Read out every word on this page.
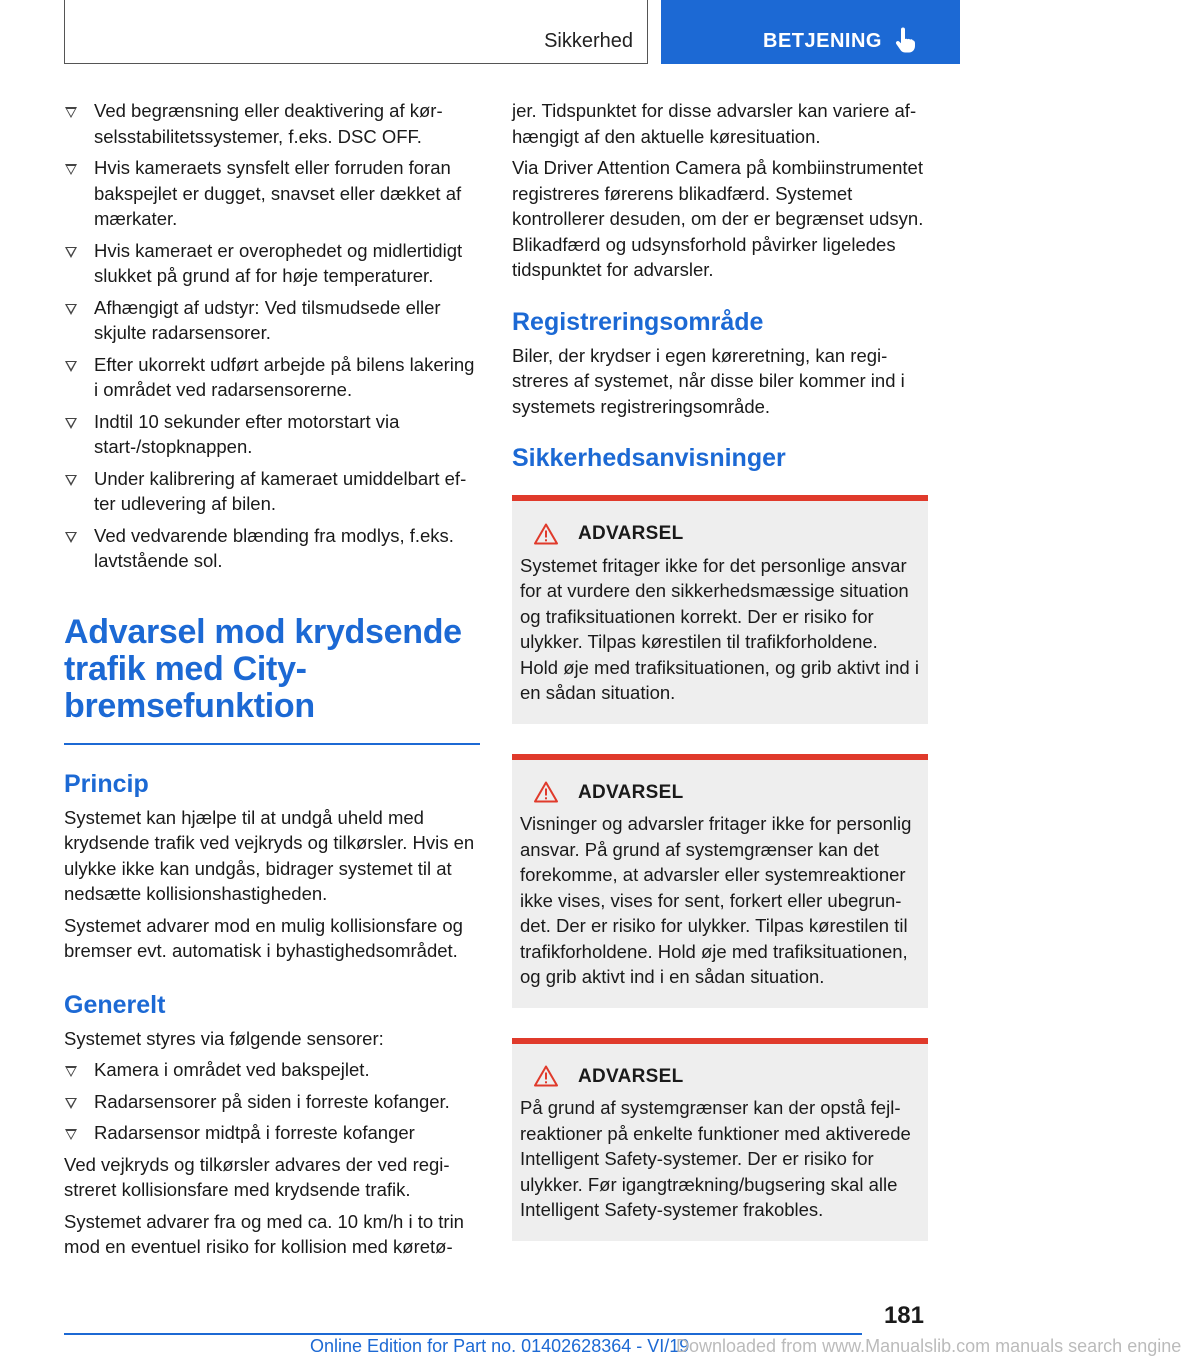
Sikkerhed	BETJENING
Ved begrænsning eller deaktivering af kørselsstabilitetssystemer, f.eks. DSC OFF.
Hvis kameraets synsfelt eller forruden foran bakspejlet er dugget, snavset eller dækket af mærkater.
Hvis kameraet er overophedet og midlertidigt slukket på grund af for høje temperaturer.
Afhængigt af udstyr: Ved tilsmudsede eller skjulte radarsensorer.
Efter ukorrekt udført arbejde på bilens lakering i området ved radarsensorerne.
Indtil 10 sekunder efter motorstart via start-/stopknappen.
Under kalibrering af kameraet umiddelbart efter udlevering af bilen.
Ved vedvarende blænding fra modlys, f.eks. lavtstående sol.
Advarsel mod krydsende trafik med City-bremsefunktion
Princip

Systemet kan hjælpe til at undgå uheld med krydsende trafik ved vejkryds og tilkørsler. Hvis en ulykke ikke kan undgås, bidrager systemet til at nedsætte kollisionshastigheden.

Systemet advarer mod en mulig kollisionsfare og bremser evt. automatisk i byhastighedsområdet.

Generelt

Systemet styres via følgende sensorer:

Kamera i området ved bakspejlet.
Radarsensorer på siden i forreste kofanger.
Radarsensor midtpå i forreste kofanger

Ved vejkryds og tilkørsler advares der ved registreret kollisionsfare med krydsende trafik.

Systemet advarer fra og med ca. 10 km/h i to trin mod en eventuel risiko for kollision med køretø-

jer. Tidspunktet for disse advarsler kan variere afhængigt af den aktuelle køresituation.

Via Driver Attention Camera på kombiinstrumentet registreres førerens blikadfærd. Systemet kontrollerer desuden, om der er begrænset udsyn. Blikadfærd og udsynsforhold påvirker ligeledes tidspunktet for advarsler.

Registreringsområde

Biler, der krydser i egen køreretning, kan registreres af systemet, når disse biler kommer ind i systemets registreringsområde.

Sikkerhedsanvisninger
ADVARSEL

Systemet fritager ikke for det personlige ansvar for at vurdere den sikkerhedsmæssige situation og trafiksituationen korrekt. Der er risiko for ulykker. Tilpas kørestilen til trafikforholdene. Hold øje med trafiksituationen, og grib aktivt ind i en sådan situation.

ADVARSEL

Visninger og advarsler fritager ikke for personlig ansvar. På grund af systemgrænser kan det forekomme, at advarsler eller systemreaktioner ikke vises, vises for sent, forkert eller ubegrundet. Der er risiko for ulykker. Tilpas kørestilen til trafikforholdene. Hold øje med trafiksituationen, og grib aktivt ind i en sådan situation.

ADVARSEL

På grund af systemgrænser kan der opstå fejlreaktioner på enkelte funktioner med aktiverede Intelligent Safety-systemer. Der er risiko for ulykker. Før igangtrækning/bugsering skal alle Intelligent Safety-systemer frakobles.

181
Online Edition for Part no. 01402628364 - VI/19
Downloaded from www.Manualslib.com manuals search engine
